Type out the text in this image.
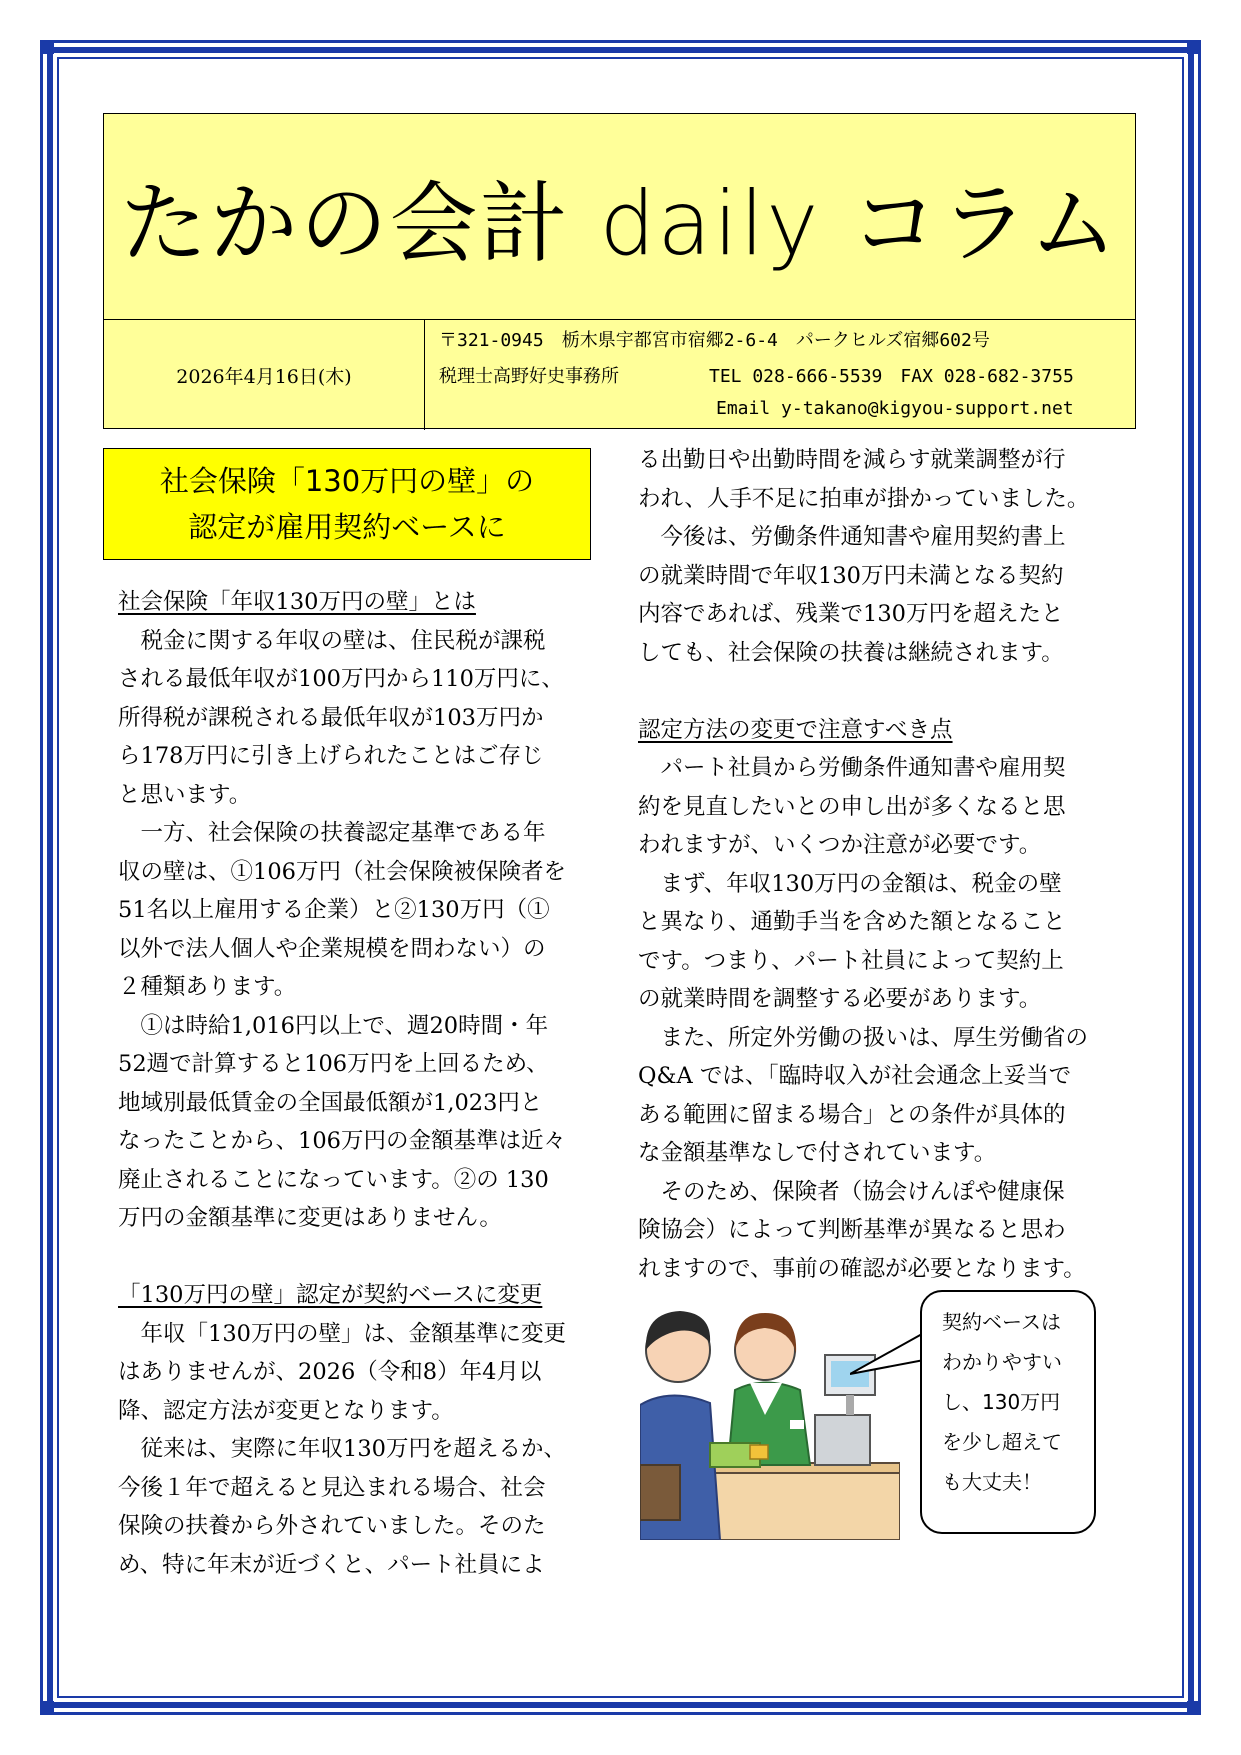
たかの会計 daily コラム
2026年4月16日(木)
〒321-0945　栃木県宇都宮市宿郷2-6-4　パークヒルズ宿郷602号
税理士高野好史事務所	TEL 028-666-5539　FAX 028-682-3755
Email y-takano@kigyou-support.net
社会保険「130万円の壁」の
認定が雇用契約ベースに

社会保険「年収130万円の壁」とは

税金に関する年収の壁は、住民税が課税

される最低年収が100万円から110万円に、

所得税が課税される最低年収が103万円か

ら178万円に引き上げられたことはご存じ

と思います。

一方、社会保険の扶養認定基準である年

収の壁は、①106万円（社会保険被保険者を

51名以上雇用する企業）と②130万円（①

以外で法人個人や企業規模を問わない）の

２種類あります。

①は時給1,016円以上で、週20時間・年

52週で計算すると106万円を上回るため、

地域別最低賃金の全国最低額が1,023円と

なったことから、106万円の金額基準は近々

廃止されることになっています。②の 130

万円の金額基準に変更はありません。

「130万円の壁」認定が契約ベースに変更

年収「130万円の壁」は、金額基準に変更

はありませんが、2026（令和8）年4月以

降、認定方法が変更となります。

従来は、実際に年収130万円を超えるか、

今後１年で超えると見込まれる場合、社会

保険の扶養から外されていました。そのた

め、特に年末が近づくと、パート社員によ

る出勤日や出勤時間を減らす就業調整が行

われ、人手不足に拍車が掛かっていました。

今後は、労働条件通知書や雇用契約書上

の就業時間で年収130万円未満となる契約

内容であれば、残業で130万円を超えたと

しても、社会保険の扶養は継続されます。

認定方法の変更で注意すべき点

パート社員から労働条件通知書や雇用契

約を見直したいとの申し出が多くなると思

われますが、いくつか注意が必要です。

まず、年収130万円の金額は、税金の壁

と異なり、通勤手当を含めた額となること

です。つまり、パート社員によって契約上

の就業時間を調整する必要があります。

また、所定外労働の扱いは、厚生労働省の

Q&A では、「臨時収入が社会通念上妥当で

ある範囲に留まる場合」との条件が具体的

な金額基準なしで付されています。

そのため、保険者（協会けんぽや健康保

険協会）によって判断基準が異なると思わ

れますので、事前の確認が必要となります。

契約ベースは
わかりやすい
し、130万円
を少し超えて
も大丈夫！
